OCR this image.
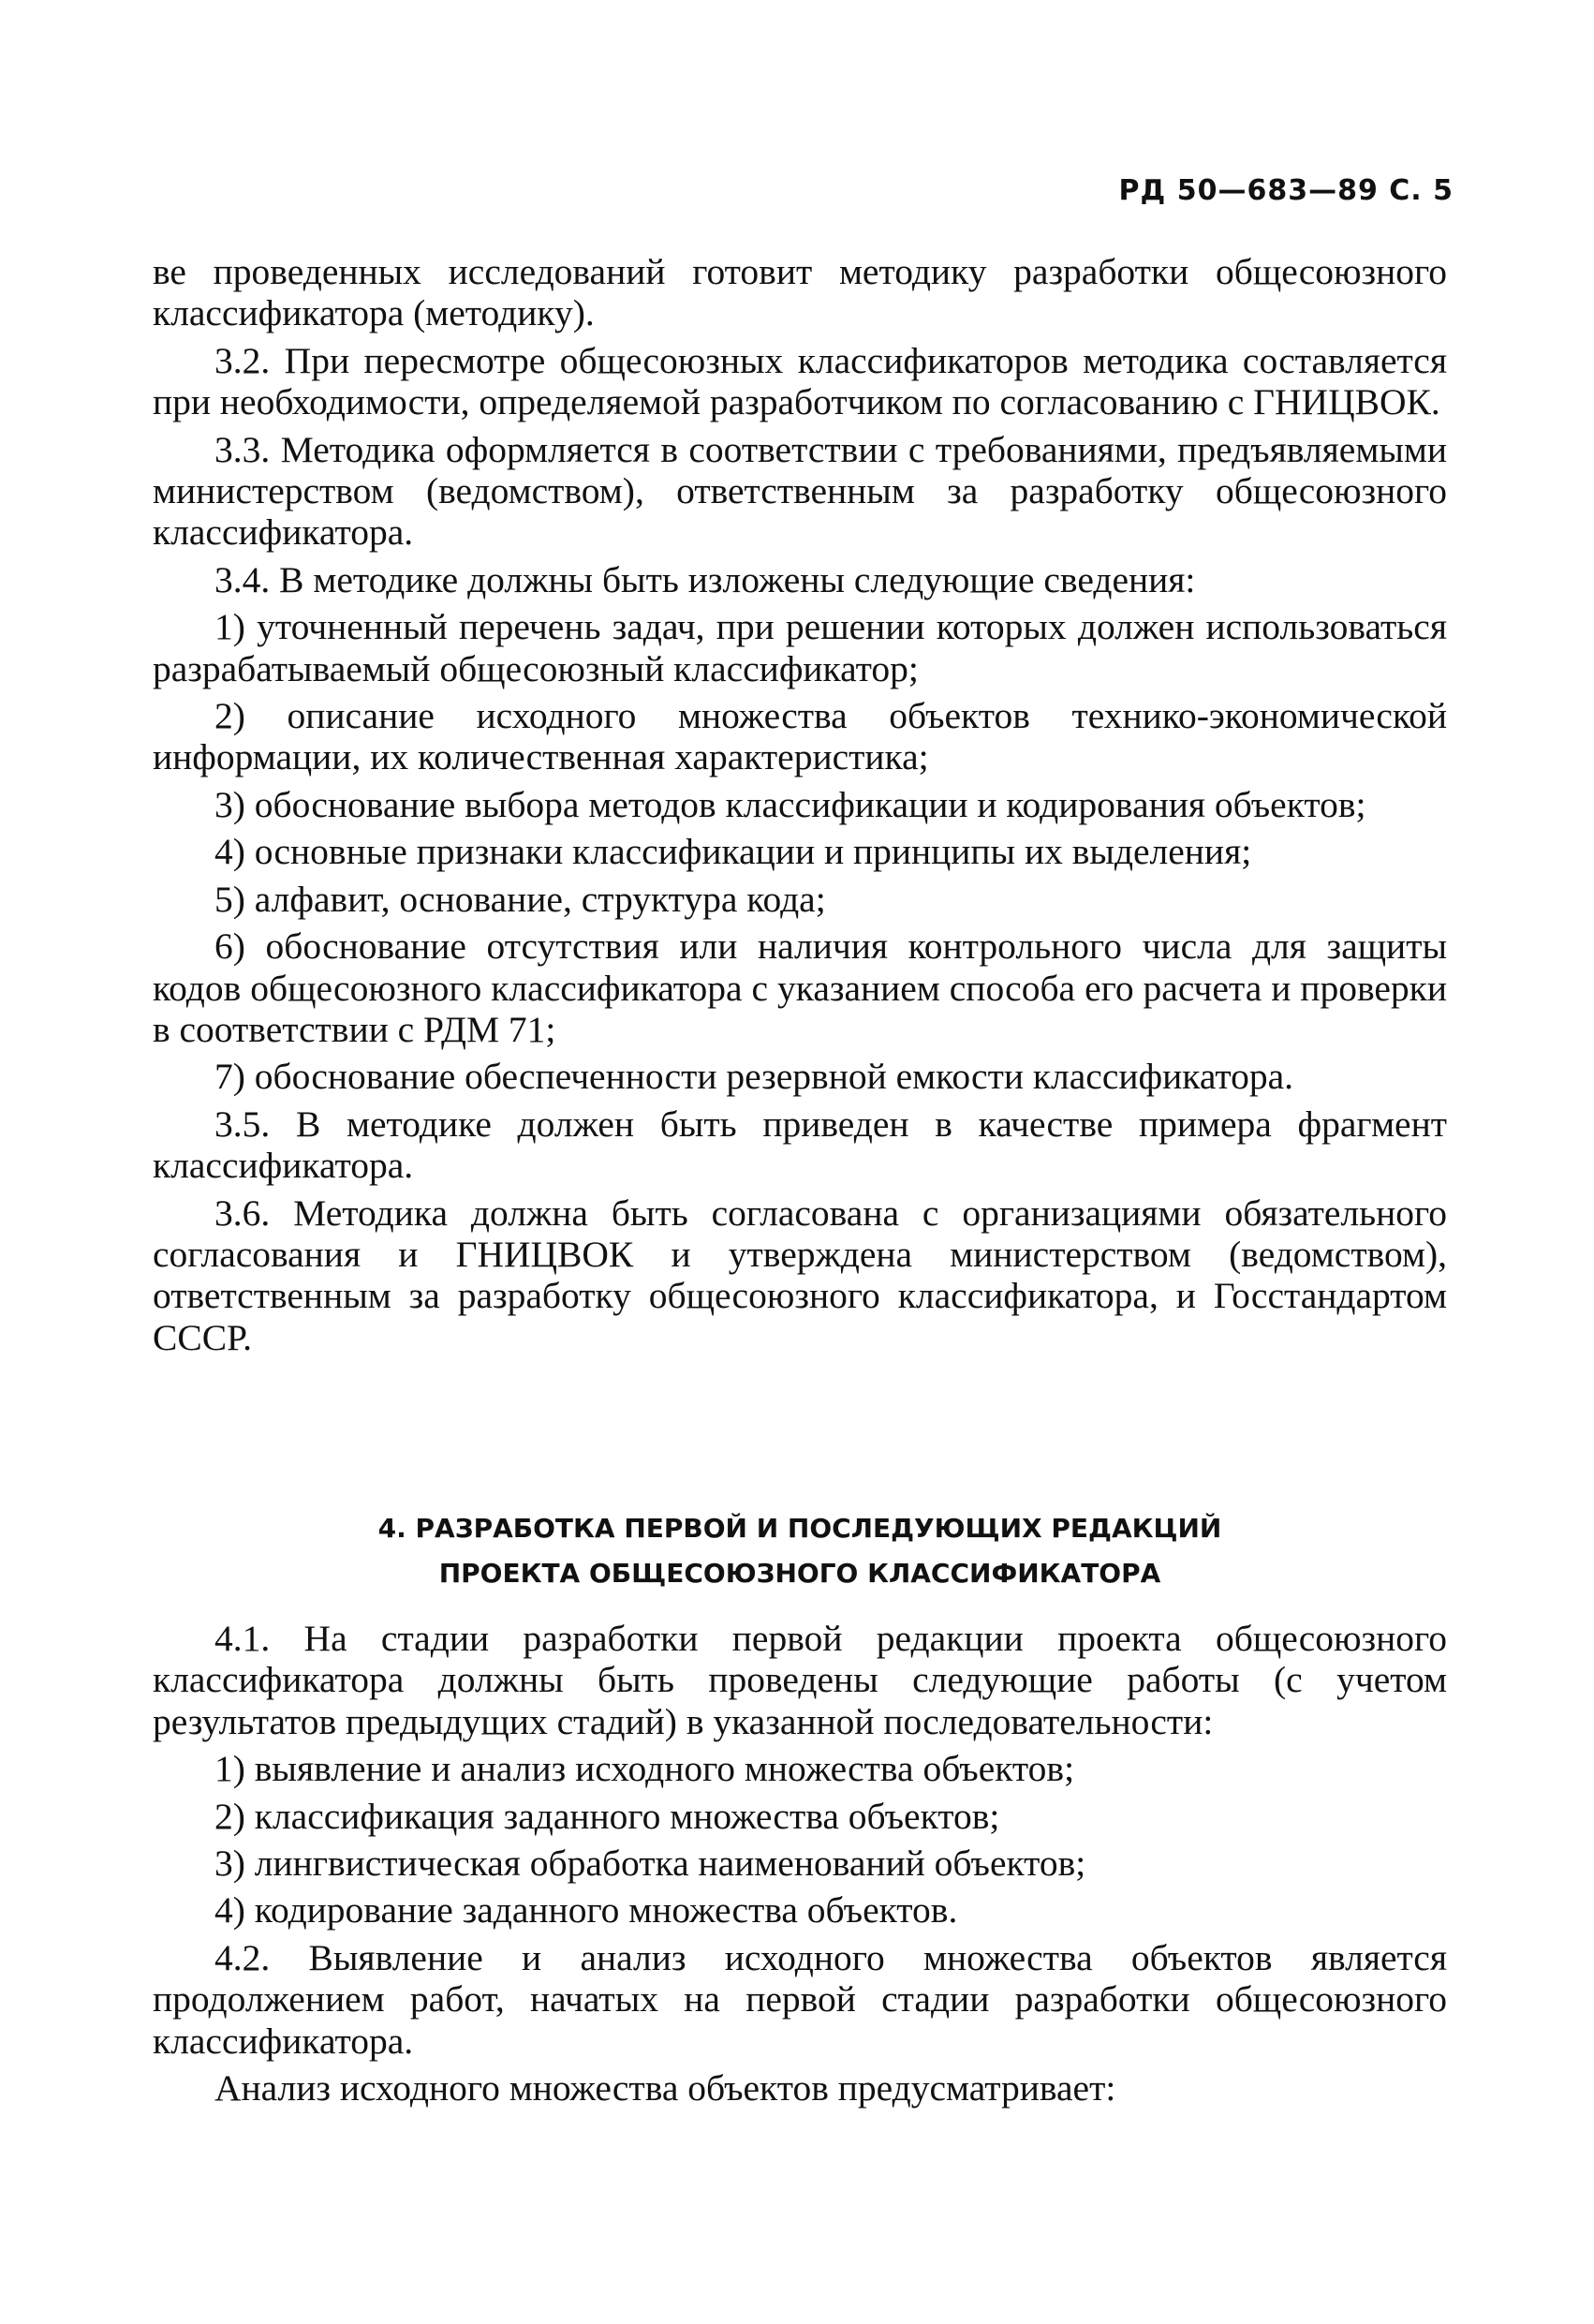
РД 50—683—89 С. 5

ве проведенных исследований готовит методику разработки общесоюзного классификатора (методику).

3.2. При пересмотре общесоюзных классификаторов методика составляется при необходимости, определяемой разработчиком по согласованию с ГНИЦВОК.

3.3. Методика оформляется в соответствии с требованиями, предъявляемыми министерством (ведомством), ответственным за разработку общесоюзного классификатора.

3.4. В методике должны быть изложены следующие сведения:

1) уточненный перечень задач, при решении которых должен использоваться разрабатываемый общесоюзный классификатор;

2) описание исходного множества объектов технико-экономической информации, их количественная характеристика;

3) обоснование выбора методов классификации и кодирования объектов;

4) основные признаки классификации и принципы их выделения;

5) алфавит, основание, структура кода;

6) обоснование отсутствия или наличия контрольного числа для защиты кодов общесоюзного классификатора с указанием способа его расчета и проверки в соответствии с РДМ 71;

7) обоснование обеспеченности резервной емкости классификатора.

3.5. В методике должен быть приведен в качестве примера фрагмент классификатора.

3.6. Методика должна быть согласована с организациями обязательного согласования и ГНИЦВОК и утверждена министерством (ведомством), ответственным за разработку общесоюзного классификатора, и Госстандартом СССР.

4. РАЗРАБОТКА ПЕРВОЙ И ПОСЛЕДУЮЩИХ РЕДАКЦИЙ
ПРОЕКТА ОБЩЕСОЮЗНОГО КЛАССИФИКАТОРА

4.1. На стадии разработки первой редакции проекта общесоюзного классификатора должны быть проведены следующие работы (с учетом результатов предыдущих стадий) в указанной последовательности:

1) выявление и анализ исходного множества объектов;

2) классификация заданного множества объектов;

3) лингвистическая обработка наименований объектов;

4) кодирование заданного множества объектов.

4.2. Выявление и анализ исходного множества объектов является продолжением работ, начатых на первой стадии разработки общесоюзного классификатора.

Анализ исходного множества объектов предусматривает:
